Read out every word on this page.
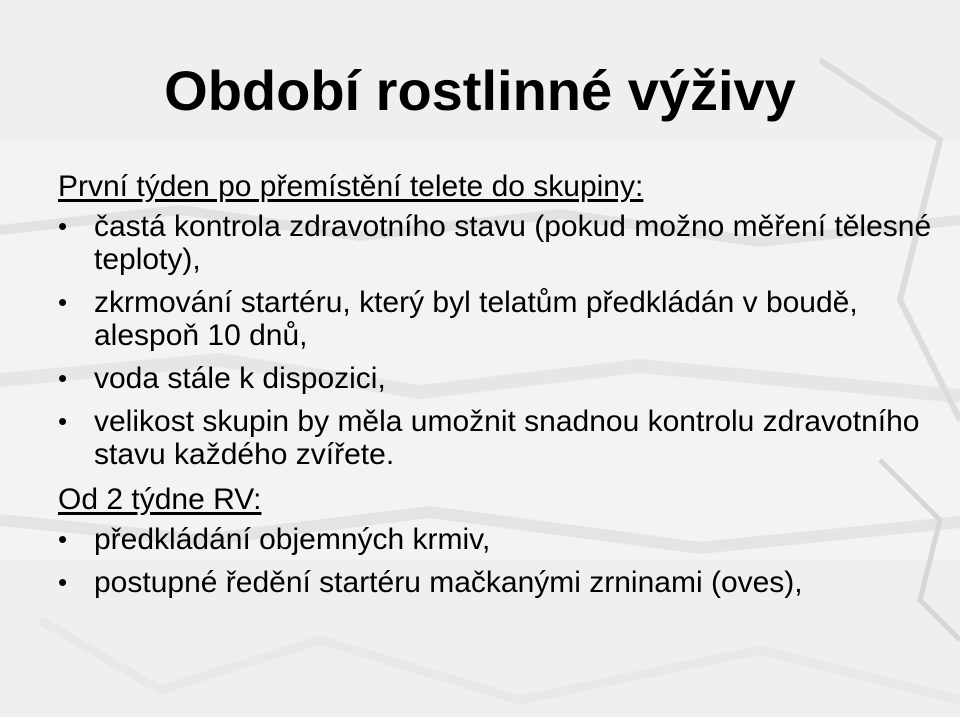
Období rostlinné výživy
První týden po přemístění telete do skupiny:
• častá kontrola zdravotního stavu (pokud možno měření tělesné teploty),
• zkrmování startéru, který byl telatům předkládán v boudě, alespoň 10 dnů,
• voda stále k dispozici,
• velikost skupin by měla umožnit snadnou kontrolu zdravotního stavu každého zvířete.
Od 2 týdne RV:
• předkládání objemných krmiv,
• postupné ředění startéru mačkanými zrninami (oves),
